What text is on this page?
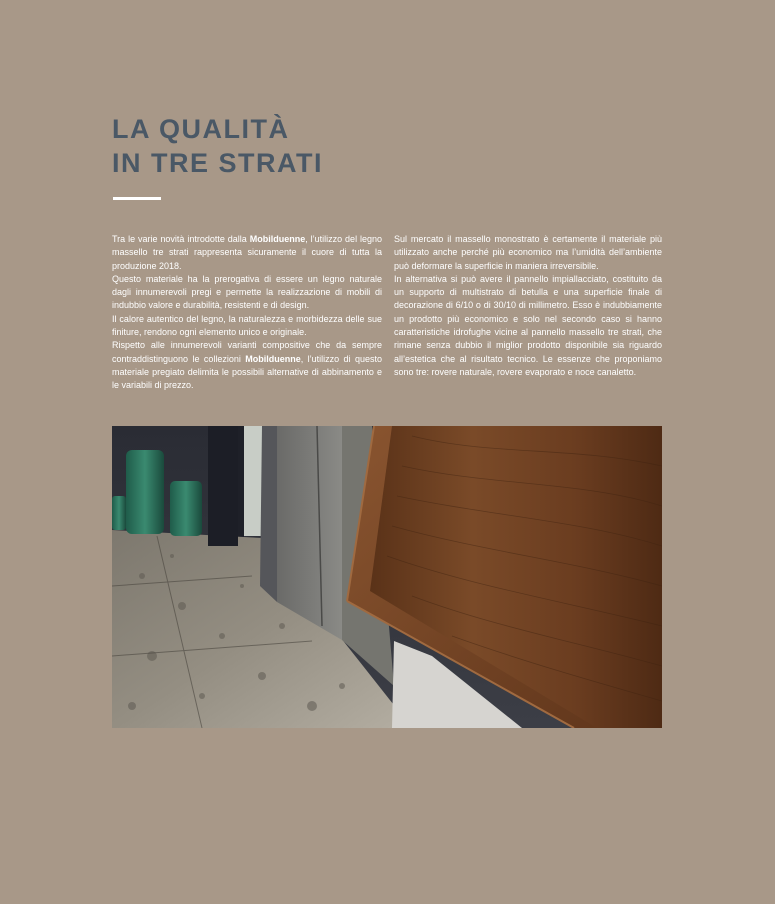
LA QUALITÀ
IN TRE STRATI

Tra le varie novità introdotte dalla Mobilduenne, l’utilizzo del legno massello tre strati rappresenta sicuramente il cuore di tutta la produzione 2018.

Questo materiale ha la prerogativa di essere un legno naturale dagli innumerevoli pregi e permette la realizzazione di mobili di indubbio valore e durabilità, resistenti e di design.

Il calore autentico del legno, la naturalezza e morbidezza delle sue finiture, rendono ogni elemento unico e originale.

Rispetto alle innumerevoli varianti compositive che da sempre contraddistinguono le collezioni Mobilduenne, l’utilizzo di questo materiale pregiato delimita le possibili alternative di abbinamento e le variabili di prezzo.

Sul mercato il massello monostrato è certamente il materiale più utilizzato anche perché più economico ma l’umidità dell’ambiente può deformare la superficie in maniera irreversibile.

In alternativa si può avere il pannello impiallacciato, costituito da un supporto di multistrato di betulla e una superficie finale di decorazione di 6/10 o di 30/10 di millimetro. Esso è indubbiamente un prodotto più economico e solo nel secondo caso si hanno caratteristiche idrofughe vicine al pannello massello tre strati, che rimane senza dubbio il miglior prodotto disponibile sia riguardo all’estetica che al risultato tecnico. Le essenze che proponiamo sono tre: rovere naturale, rovere evaporato e noce canaletto.
